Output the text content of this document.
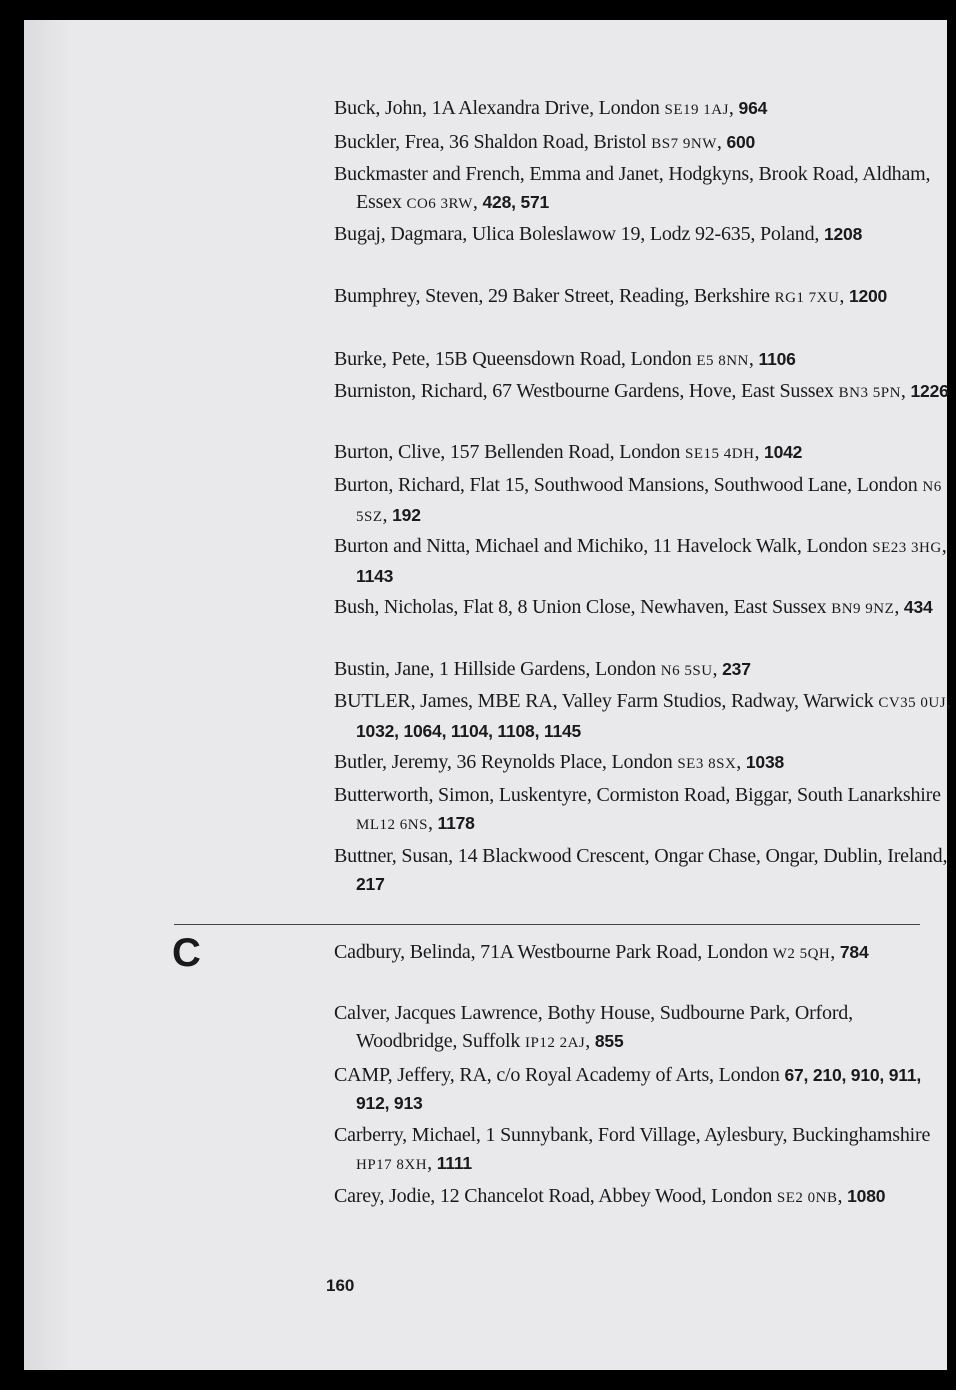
Buck, John, 1A Alexandra Drive, London SE19 1AJ, 964
Buckler, Frea, 36 Shaldon Road, Bristol BS7 9NW, 600
Buckmaster and French, Emma and Janet, Hodgkyns, Brook Road, Aldham, Essex CO6 3RW, 428, 571
Bugaj, Dagmara, Ulica Boleslawow 19, Lodz 92-635, Poland, 1208
Bumphrey, Steven, 29 Baker Street, Reading, Berkshire RG1 7XU, 1200
Burke, Pete, 15B Queensdown Road, London E5 8NN, 1106
Burniston, Richard, 67 Westbourne Gardens, Hove, East Sussex BN3 5PN, 1226
Burton, Clive, 157 Bellenden Road, London SE15 4DH, 1042
Burton, Richard, Flat 15, Southwood Mansions, Southwood Lane, London N6 5SZ, 192
Burton and Nitta, Michael and Michiko, 11 Havelock Walk, London SE23 3HG, 1143
Bush, Nicholas, Flat 8, 8 Union Close, Newhaven, East Sussex BN9 9NZ, 434
Bustin, Jane, 1 Hillside Gardens, London N6 5SU, 237
BUTLER, James, MBE RA, Valley Farm Studios, Radway, Warwick CV35 0UJ, 1032, 1064, 1104, 1108, 1145
Butler, Jeremy, 36 Reynolds Place, London SE3 8SX, 1038
Butterworth, Simon, Luskentyre, Cormiston Road, Biggar, South Lanarkshire ML12 6NS, 1178
Buttner, Susan, 14 Blackwood Crescent, Ongar Chase, Ongar, Dublin, Ireland, 217
C	Cadbury, Belinda, 71A Westbourne Park Road, London W2 5QH, 784
Calver, Jacques Lawrence, Bothy House, Sudbourne Park, Orford, Woodbridge, Suffolk IP12 2AJ, 855
CAMP, Jeffery, RA, c/o Royal Academy of Arts, London 67, 210, 910, 911, 912, 913
Carberry, Michael, 1 Sunnybank, Ford Village, Aylesbury, Buckinghamshire HP17 8XH, 1111
Carey, Jodie, 12 Chancelot Road, Abbey Wood, London SE2 0NB, 1080
160
